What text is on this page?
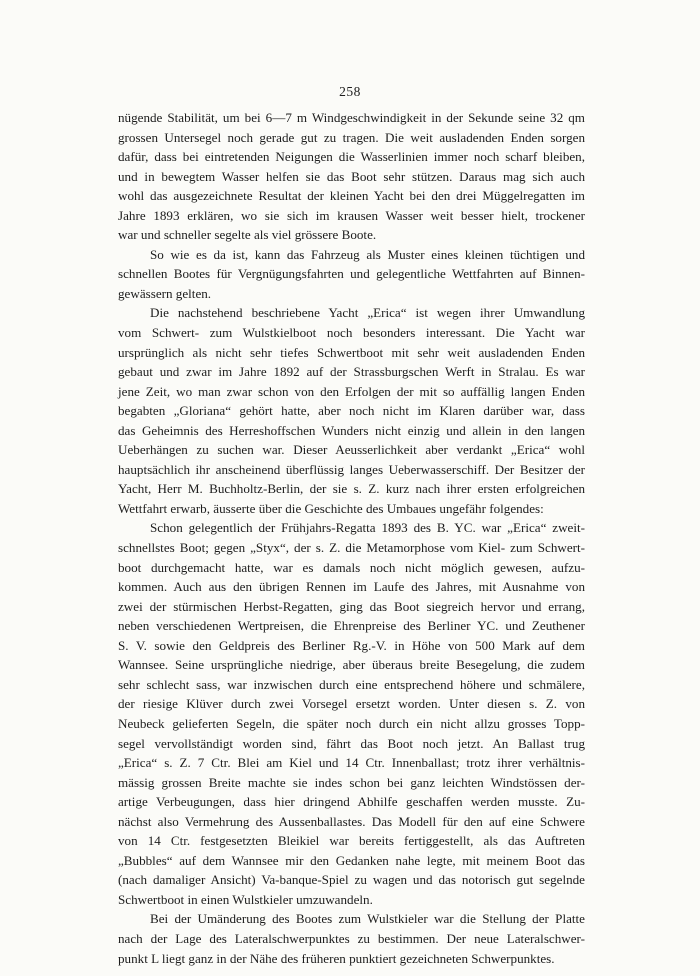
258
nügende Stabilität, um bei 6—7 m Windgeschwindigkeit in der Sekunde seine 32 qm
grossen Untersegel noch gerade gut zu tragen. Die weit ausladenden Enden sorgen
dafür, dass bei eintretenden Neigungen die Wasserlinien immer noch scharf bleiben,
und in bewegtem Wasser helfen sie das Boot sehr stützen. Daraus mag sich auch
wohl das ausgezeichnete Resultat der kleinen Yacht bei den drei Müggelregatten im
Jahre 1893 erklären, wo sie sich im krausen Wasser weit besser hielt, trockener
war und schneller segelte als viel grössere Boote.
So wie es da ist, kann das Fahrzeug als Muster eines kleinen tüchtigen und
schnellen Bootes für Vergnügungsfahrten und gelegentliche Wettfahrten auf Binnen-
gewässern gelten.
Die nachstehend beschriebene Yacht „Erica“ ist wegen ihrer Umwandlung
vom Schwert- zum Wulstkielboot noch besonders interessant. Die Yacht war
ursprünglich als nicht sehr tiefes Schwertboot mit sehr weit ausladenden Enden
gebaut und zwar im Jahre 1892 auf der Strassburgschen Werft in Stralau. Es war
jene Zeit, wo man zwar schon von den Erfolgen der mit so auffällig langen Enden
begabten „Gloriana“ gehört hatte, aber noch nicht im Klaren darüber war, dass
das Geheimnis des Herreshoffschen Wunders nicht einzig und allein in den langen
Ueberhängen zu suchen war. Dieser Aeusserlichkeit aber verdankt „Erica“ wohl
hauptsächlich ihr anscheinend überflüssig langes Ueberwasserschiff. Der Besitzer der
Yacht, Herr M. Buchholtz-Berlin, der sie s. Z. kurz nach ihrer ersten erfolgreichen
Wettfahrt erwarb, äusserte über die Geschichte des Umbaues ungefähr folgendes:
Schon gelegentlich der Frühjahrs-Regatta 1893 des B. YC. war „Erica“ zweit-
schnellstes Boot; gegen „Styx“, der s. Z. die Metamorphose vom Kiel- zum Schwert-
boot durchgemacht hatte, war es damals noch nicht möglich gewesen, aufzu-
kommen. Auch aus den übrigen Rennen im Laufe des Jahres, mit Ausnahme von
zwei der stürmischen Herbst-Regatten, ging das Boot siegreich hervor und errang,
neben verschiedenen Wertpreisen, die Ehrenpreise des Berliner YC. und Zeuthener
S. V. sowie den Geldpreis des Berliner Rg.-V. in Höhe von 500 Mark auf dem
Wannsee. Seine ursprüngliche niedrige, aber überaus breite Besegelung, die zudem
sehr schlecht sass, war inzwischen durch eine entsprechend höhere und schmälere,
der riesige Klüver durch zwei Vorsegel ersetzt worden. Unter diesen s. Z. von
Neubeck gelieferten Segeln, die später noch durch ein nicht allzu grosses Topp-
segel vervollständigt worden sind, fährt das Boot noch jetzt. An Ballast trug
„Erica“ s. Z. 7 Ctr. Blei am Kiel und 14 Ctr. Innenballast; trotz ihrer verhältnis-
mässig grossen Breite machte sie indes schon bei ganz leichten Windstössen der-
artige Verbeugungen, dass hier dringend Abhilfe geschaffen werden musste. Zu-
nächst also Vermehrung des Aussenballastes. Das Modell für den auf eine Schwere
von 14 Ctr. festgesetzten Bleikiel war bereits fertiggestellt, als das Auftreten
„Bubbles“ auf dem Wannsee mir den Gedanken nahe legte, mit meinem Boot das
(nach damaliger Ansicht) Va-banque-Spiel zu wagen und das notorisch gut segelnde
Schwertboot in einen Wulstkieler umzuwandeln.
Bei der Umänderung des Bootes zum Wulstkieler war die Stellung der Platte
nach der Lage des Lateralschwerpunktes zu bestimmen. Der neue Lateralschwer-
punkt L liegt ganz in der Nähe des früheren punktiert gezeichneten Schwerpunktes.
